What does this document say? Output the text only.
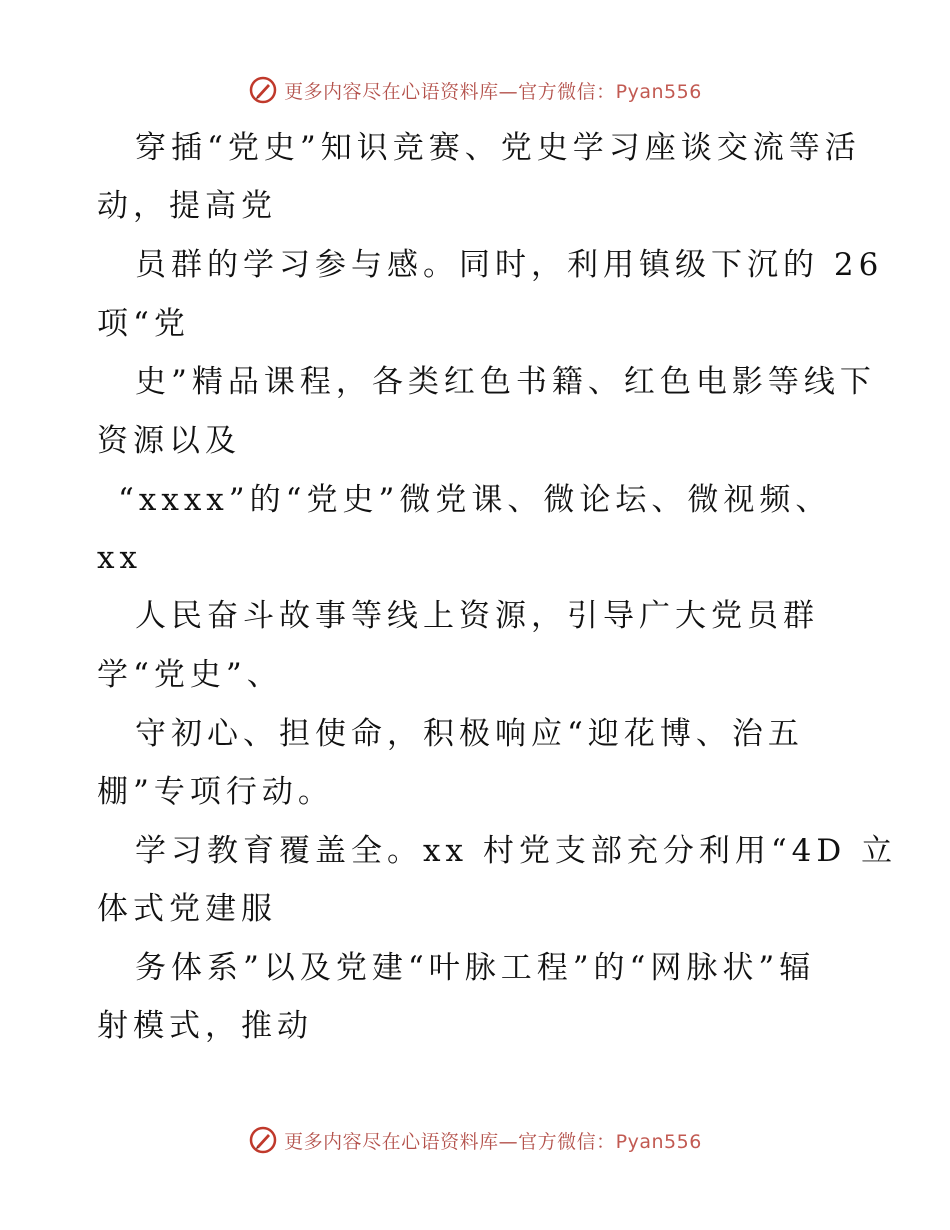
更多内容尽在心语资料库—官方微信：Pyan556
穿插“党史”知识竞赛、党史学习座谈交流等活
动，提高党
员群的学习参与感。同时，利用镇级下沉的 26
项“党
史”精品课程，各类红色书籍、红色电影等线下
资源以及
“xxxx”的“党史”微党课、微论坛、微视频、
xx
人民奋斗故事等线上资源，引导广大党员群
学“党史”、
守初心、担使命，积极响应“迎花博、治五
棚”专项行动。
学习教育覆盖全。xx 村党支部充分利用“4D 立
体式党建服
务体系”以及党建“叶脉工程”的“网脉状”辐
射模式，推动
更多内容尽在心语资料库—官方微信：Pyan556
